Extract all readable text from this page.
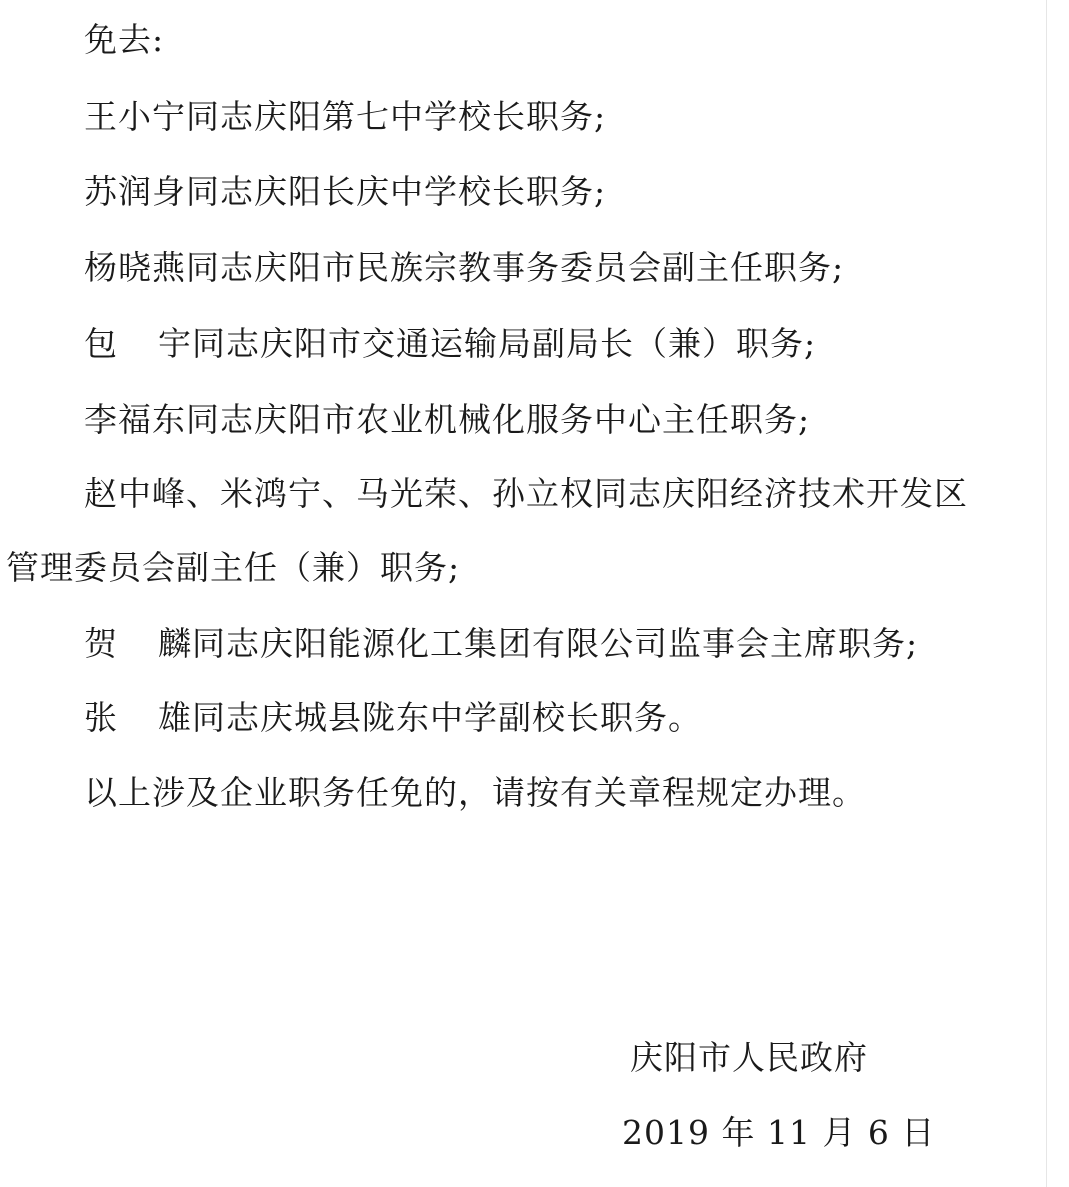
免去:
王小宁同志庆阳第七中学校长职务;
苏润身同志庆阳长庆中学校长职务;
杨晓燕同志庆阳市民族宗教事务委员会副主任职务;
包 宇同志庆阳市交通运输局副局长（兼）职务;
李福东同志庆阳市农业机械化服务中心主任职务;
赵中峰、米鸿宁、马光荣、孙立权同志庆阳经济技术开发区
管理委员会副主任（兼）职务;
贺 麟同志庆阳能源化工集团有限公司监事会主席职务;
张 雄同志庆城县陇东中学副校长职务。
以上涉及企业职务任免的，请按有关章程规定办理。
庆阳市人民政府
2019 年 11 月 6 日
